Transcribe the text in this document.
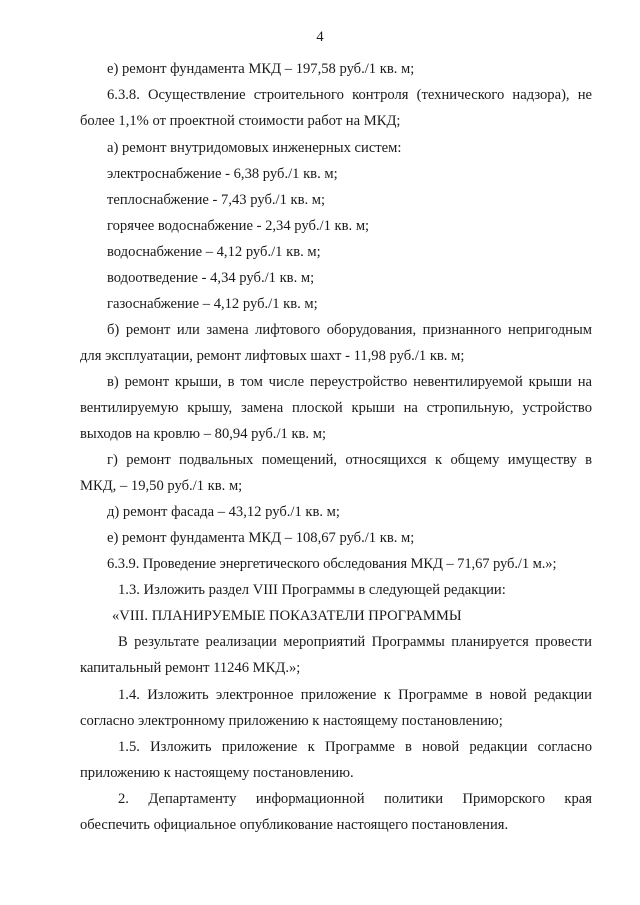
4
е) ремонт фундамента МКД – 197,58 руб./1 кв. м;
6.3.8. Осуществление строительного контроля (технического надзора), не
более 1,1% от проектной стоимости работ на МКД;
а) ремонт внутридомовых инженерных систем:
электроснабжение - 6,38 руб./1 кв. м;
теплоснабжение - 7,43 руб./1 кв. м;
горячее водоснабжение - 2,34 руб./1 кв. м;
водоснабжение – 4,12 руб./1 кв. м;
водоотведение - 4,34 руб./1 кв. м;
газоснабжение – 4,12 руб./1 кв. м;
б) ремонт или замена лифтового оборудования, признанного непригодным
для эксплуатации, ремонт лифтовых шахт - 11,98 руб./1 кв. м;
в) ремонт крыши, в том числе переустройство невентилируемой крыши на
вентилируемую крышу, замена плоской крыши на стропильную, устройство
выходов на кровлю – 80,94 руб./1 кв. м;
г) ремонт подвальных помещений, относящихся к общему имуществу в
МКД, – 19,50 руб./1 кв. м;
д) ремонт фасада – 43,12 руб./1 кв. м;
е) ремонт фундамента МКД – 108,67 руб./1 кв. м;
6.3.9. Проведение энергетического обследования МКД – 71,67 руб./1 м.»;
1.3. Изложить раздел VIII Программы в следующей редакции:
«VIII. ПЛАНИРУЕМЫЕ ПОКАЗАТЕЛИ ПРОГРАММЫ
В результате реализации мероприятий Программы планируется провести
капитальный ремонт 11246 МКД.»;
1.4. Изложить электронное приложение к Программе в новой редакции
согласно электронному приложению к настоящему постановлению;
1.5. Изложить приложение к Программе в новой редакции согласно
приложению к настоящему постановлению.
2. Департаменту информационной политики Приморского края
обеспечить официальное опубликование настоящего постановления.
